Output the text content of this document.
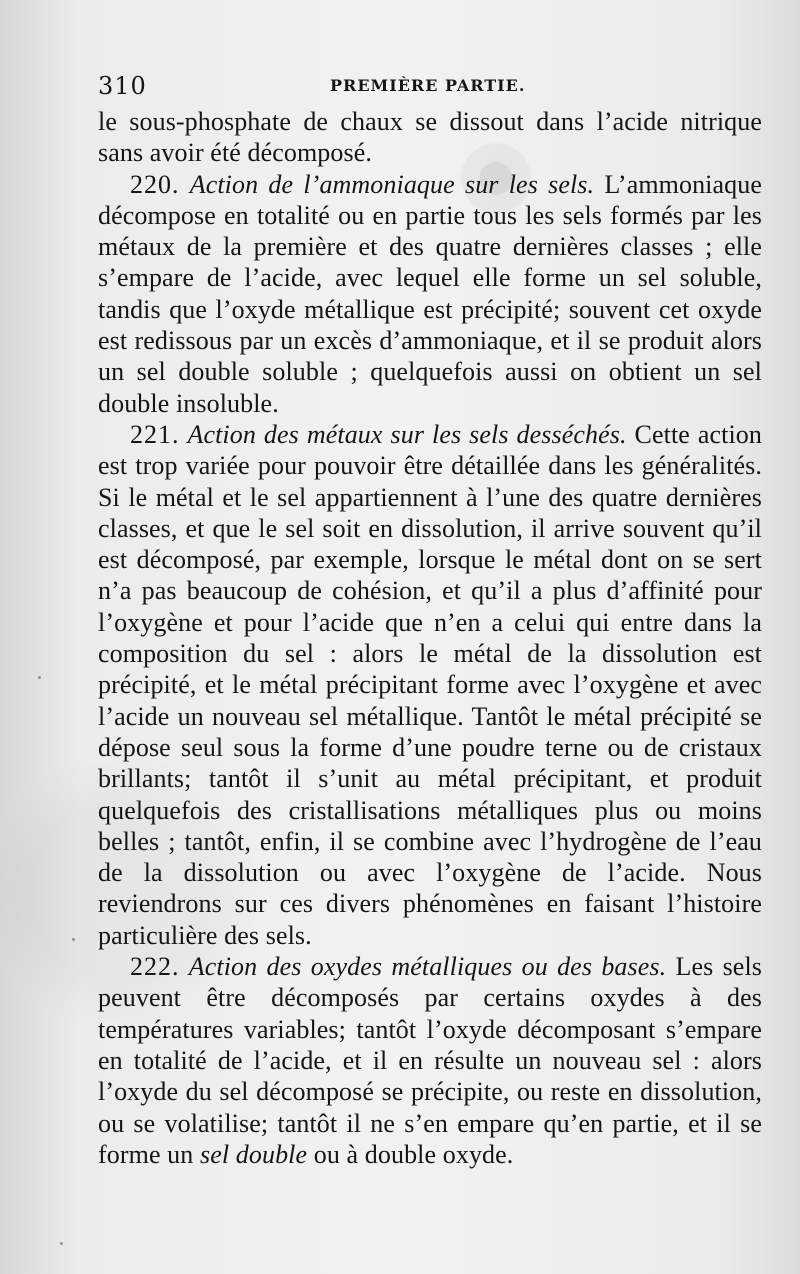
310	PREMIÈRE PARTIE.

le sous-phosphate de chaux se dissout dans l’acide nitrique sans avoir été décomposé.

220. Action de l’ammoniaque sur les sels. L’ammoniaque décompose en totalité ou en partie tous les sels formés par les métaux de la première et des quatre dernières classes ; elle s’empare de l’acide, avec lequel elle forme un sel soluble, tandis que l’oxyde métallique est précipité; souvent cet oxyde est redissous par un excès d’ammoniaque, et il se produit alors un sel double soluble ; quelquefois aussi on obtient un sel double insoluble.

221. Action des métaux sur les sels desséchés. Cette action est trop variée pour pouvoir être détaillée dans les généralités. Si le métal et le sel appartiennent à l’une des quatre dernières classes, et que le sel soit en dissolution, il arrive souvent qu’il est décomposé, par exemple, lorsque le métal dont on se sert n’a pas beaucoup de cohésion, et qu’il a plus d’affinité pour l’oxygène et pour l’acide que n’en a celui qui entre dans la composition du sel : alors le métal de la dissolution est précipité, et le métal précipitant forme avec l’oxygène et avec l’acide un nouveau sel métallique. Tantôt le métal précipité se dépose seul sous la forme d’une poudre terne ou de cristaux brillants; tantôt il s’unit au métal précipitant, et produit quelquefois des cristallisations métalliques plus ou moins belles ; tantôt, enfin, il se combine avec l’hydrogène de l’eau de la dissolution ou avec l’oxygène de l’acide. Nous reviendrons sur ces divers phénomènes en faisant l’histoire particulière des sels.

222. Action des oxydes métalliques ou des bases. Les sels peuvent être décomposés par certains oxydes à des températures variables; tantôt l’oxyde décomposant s’empare en totalité de l’acide, et il en résulte un nouveau sel : alors l’oxyde du sel décomposé se précipite, ou reste en dissolution, ou se volatilise; tantôt il ne s’en empare qu’en partie, et il se forme un sel double ou à double oxyde.
